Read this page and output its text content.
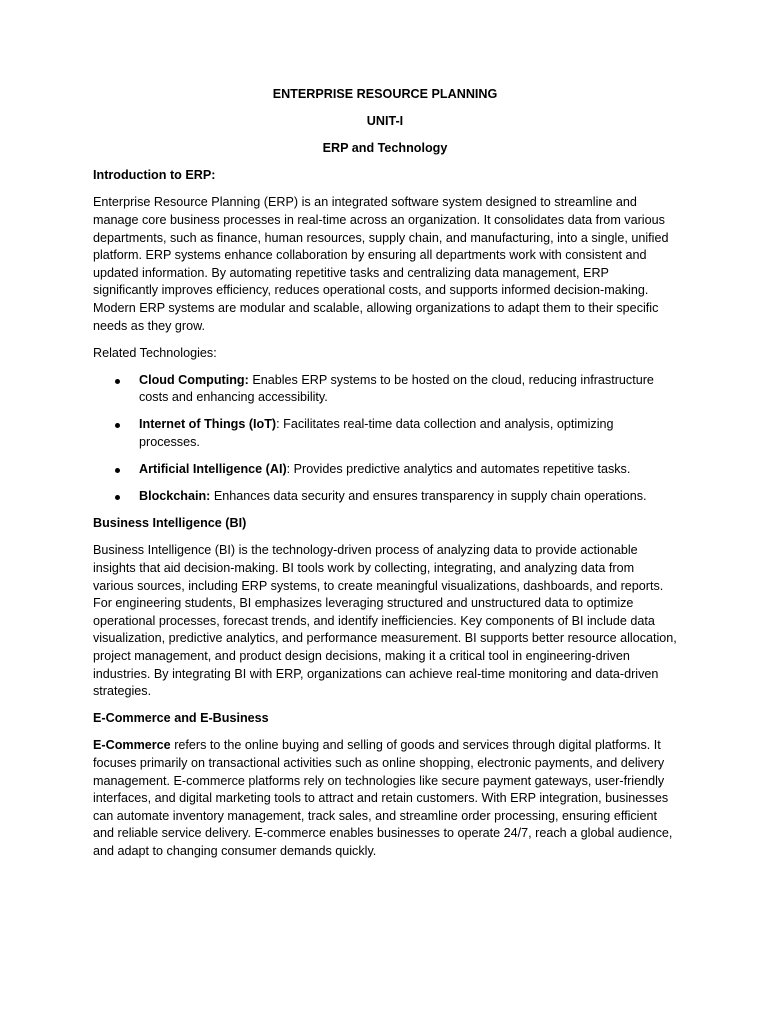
ENTERPRISE RESOURCE PLANNING
UNIT-I
ERP and Technology
Introduction to ERP:

Enterprise Resource Planning (ERP) is an integrated software system designed to streamline and manage core business processes in real-time across an organization. It consolidates data from various departments, such as finance, human resources, supply chain, and manufacturing, into a single, unified platform. ERP systems enhance collaboration by ensuring all departments work with consistent and updated information. By automating repetitive tasks and centralizing data management, ERP significantly improves efficiency, reduces operational costs, and supports informed decision-making. Modern ERP systems are modular and scalable, allowing organizations to adapt them to their specific needs as they grow.

Related Technologies:

Cloud Computing: Enables ERP systems to be hosted on the cloud, reducing infrastructure costs and enhancing accessibility.
Internet of Things (IoT): Facilitates real-time data collection and analysis, optimizing processes.
Artificial Intelligence (AI): Provides predictive analytics and automates repetitive tasks.
Blockchain: Enhances data security and ensures transparency in supply chain operations.
Business Intelligence (BI)

Business Intelligence (BI) is the technology-driven process of analyzing data to provide actionable insights that aid decision-making. BI tools work by collecting, integrating, and analyzing data from various sources, including ERP systems, to create meaningful visualizations, dashboards, and reports. For engineering students, BI emphasizes leveraging structured and unstructured data to optimize operational processes, forecast trends, and identify inefficiencies. Key components of BI include data visualization, predictive analytics, and performance measurement. BI supports better resource allocation, project management, and product design decisions, making it a critical tool in engineering-driven industries. By integrating BI with ERP, organizations can achieve real-time monitoring and data-driven strategies.

E-Commerce and E-Business

E-Commerce refers to the online buying and selling of goods and services through digital platforms. It focuses primarily on transactional activities such as online shopping, electronic payments, and delivery management. E-commerce platforms rely on technologies like secure payment gateways, user-friendly interfaces, and digital marketing tools to attract and retain customers. With ERP integration, businesses can automate inventory management, track sales, and streamline order processing, ensuring efficient and reliable service delivery. E-commerce enables businesses to operate 24/7, reach a global audience, and adapt to changing consumer demands quickly.
